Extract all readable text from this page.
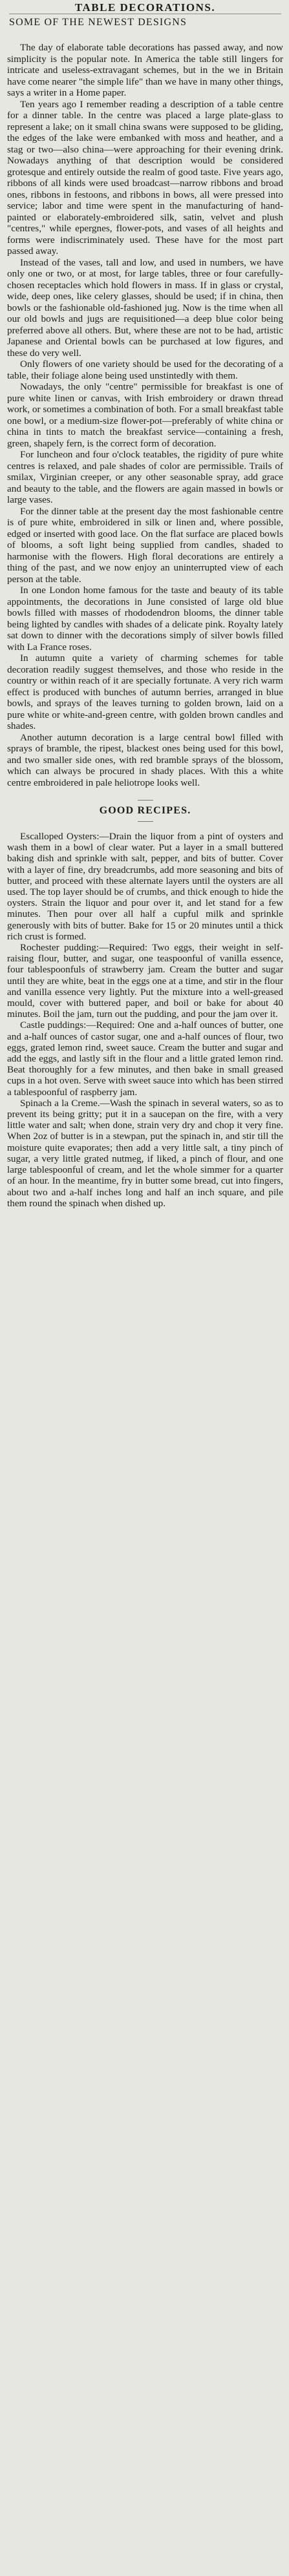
TABLE DECORATIONS.
SOME OF THE NEWEST DESIGNS

The day of elaborate table decorations has passed away, and now simplicity is the popular note. In America the table still lingers for intricate and useless-extravagant schemes, but in the we in Britain have come nearer "the simple life" than we have in many other things, says a writer in a Home paper.

Ten years ago I remember reading a description of a table centre for a dinner table. In the centre was placed a large plate-glass to represent a lake; on it small china swans were supposed to be gliding, the edges of the lake were embanked with moss and heather, and a stag or two—also china—were approaching for their evening drink. Nowadays anything of that description would be considered grotesque and entirely outside the realm of good taste. Five years ago, ribbons of all kinds were used broadcast—narrow ribbons and broad ones, ribbons in festoons, and ribbons in bows, all were pressed into service; labor and time were spent in the manufacturing of hand-painted or elaborately-embroidered silk, satin, velvet and plush "centres," while epergnes, flower-pots, and vases of all heights and forms were indiscriminately used. These have for the most part passed away.

Instead of the vases, tall and low, and used in numbers, we have only one or two, or at most, for large tables, three or four carefully-chosen receptacles which hold flowers in mass. If in glass or crystal, wide, deep ones, like celery glasses, should be used; if in china, then bowls or the fashionable old-fashioned jug. Now is the time when all our old bowls and jugs are requisitioned—a deep blue color being preferred above all others. But, where these are not to be had, artistic Japanese and Oriental bowls can be purchased at low figures, and these do very well.

Only flowers of one variety should be used for the decorating of a table, their foliage alone being used unstintedly with them.

Nowadays, the only "centre" permissible for breakfast is one of pure white linen or canvas, with Irish embroidery or drawn thread work, or sometimes a combination of both. For a small breakfast table one bowl, or a medium-size flower-pot—preferably of white china or china in tints to match the breakfast service—containing a fresh, green, shapely fern, is the correct form of decoration.

For luncheon and four o'clock teatables, the rigidity of pure white centres is relaxed, and pale shades of color are permissible. Trails of smilax, Virginian creeper, or any other seasonable spray, add grace and beauty to the table, and the flowers are again massed in bowls or large vases.

For the dinner table at the present day the most fashionable centre is of pure white, embroidered in silk or linen and, where possible, edged or inserted with good lace. On the flat surface are placed bowls of blooms, a soft light being supplied from candles, shaded to harmonise with the flowers. High floral decorations are entirely a thing of the past, and we now enjoy an uninterrupted view of each person at the table.

In one London home famous for the taste and beauty of its table appointments, the decorations in June consisted of large old blue bowls filled with masses of rhododendron blooms, the dinner table being lighted by candles with shades of a delicate pink. Royalty lately sat down to dinner with the decorations simply of silver bowls filled with La France roses.

In autumn quite a variety of charming schemes for table decoration readily suggest themselves, and those who reside in the country or within reach of it are specially fortunate. A very rich warm effect is produced with bunches of autumn berries, arranged in blue bowls, and sprays of the leaves turning to golden brown, laid on a pure white or white-and-green centre, with golden brown candles and shades.

Another autumn decoration is a large central bowl filled with sprays of bramble, the ripest, blackest ones being used for this bowl, and two smaller side ones, with red bramble sprays of the blossom, which can always be procured in shady places. With this a white centre embroidered in pale heliotrope looks well.

GOOD RECIPES.

Escalloped Oysters:—Drain the liquor from a pint of oysters and wash them in a bowl of clear water. Put a layer in a small buttered baking dish and sprinkle with salt, pepper, and bits of butter. Cover with a layer of fine, dry breadcrumbs, add more seasoning and bits of butter, and proceed with these alternate layers until the oysters are all used. The top layer should be of crumbs, and thick enough to hide the oysters. Strain the liquor and pour over it, and let stand for a few minutes. Then pour over all half a cupful milk and sprinkle generously with bits of butter. Bake for 15 or 20 minutes until a thick rich crust is formed.

Rochester pudding:—Required: Two eggs, their weight in self-raising flour, butter, and sugar, one teaspoonful of vanilla essence, four tablespoonfuls of strawberry jam. Cream the butter and sugar until they are white, beat in the eggs one at a time, and stir in the flour and vanilla essence very lightly. Put the mixture into a well-greased mould, cover with buttered paper, and boil or bake for about 40 minutes. Boil the jam, turn out the pudding, and pour the jam over it.

Castle puddings:—Required: One and a-half ounces of butter, one and a-half ounces of castor sugar, one and a-half ounces of flour, two eggs, grated lemon rind, sweet sauce. Cream the butter and sugar and add the eggs, and lastly sift in the flour and a little grated lemon rind. Beat thoroughly for a few minutes, and then bake in small greased cups in a hot oven. Serve with sweet sauce into which has been stirred a tablespoonful of raspberry jam.

Spinach a la Creme.—Wash the spinach in several waters, so as to prevent its being gritty; put it in a saucepan on the fire, with a very little water and salt; when done, strain very dry and chop it very fine. When 2oz of butter is in a stewpan, put the spinach in, and stir till the moisture quite evaporates; then add a very little salt, a tiny pinch of sugar, a very little grated nutmeg, if liked, a pinch of flour, and one large tablespoonful of cream, and let the whole simmer for a quarter of an hour. In the meantime, fry in butter some bread, cut into fingers, about two and a-half inches long and half an inch square, and pile them round the spinach when dished up.
